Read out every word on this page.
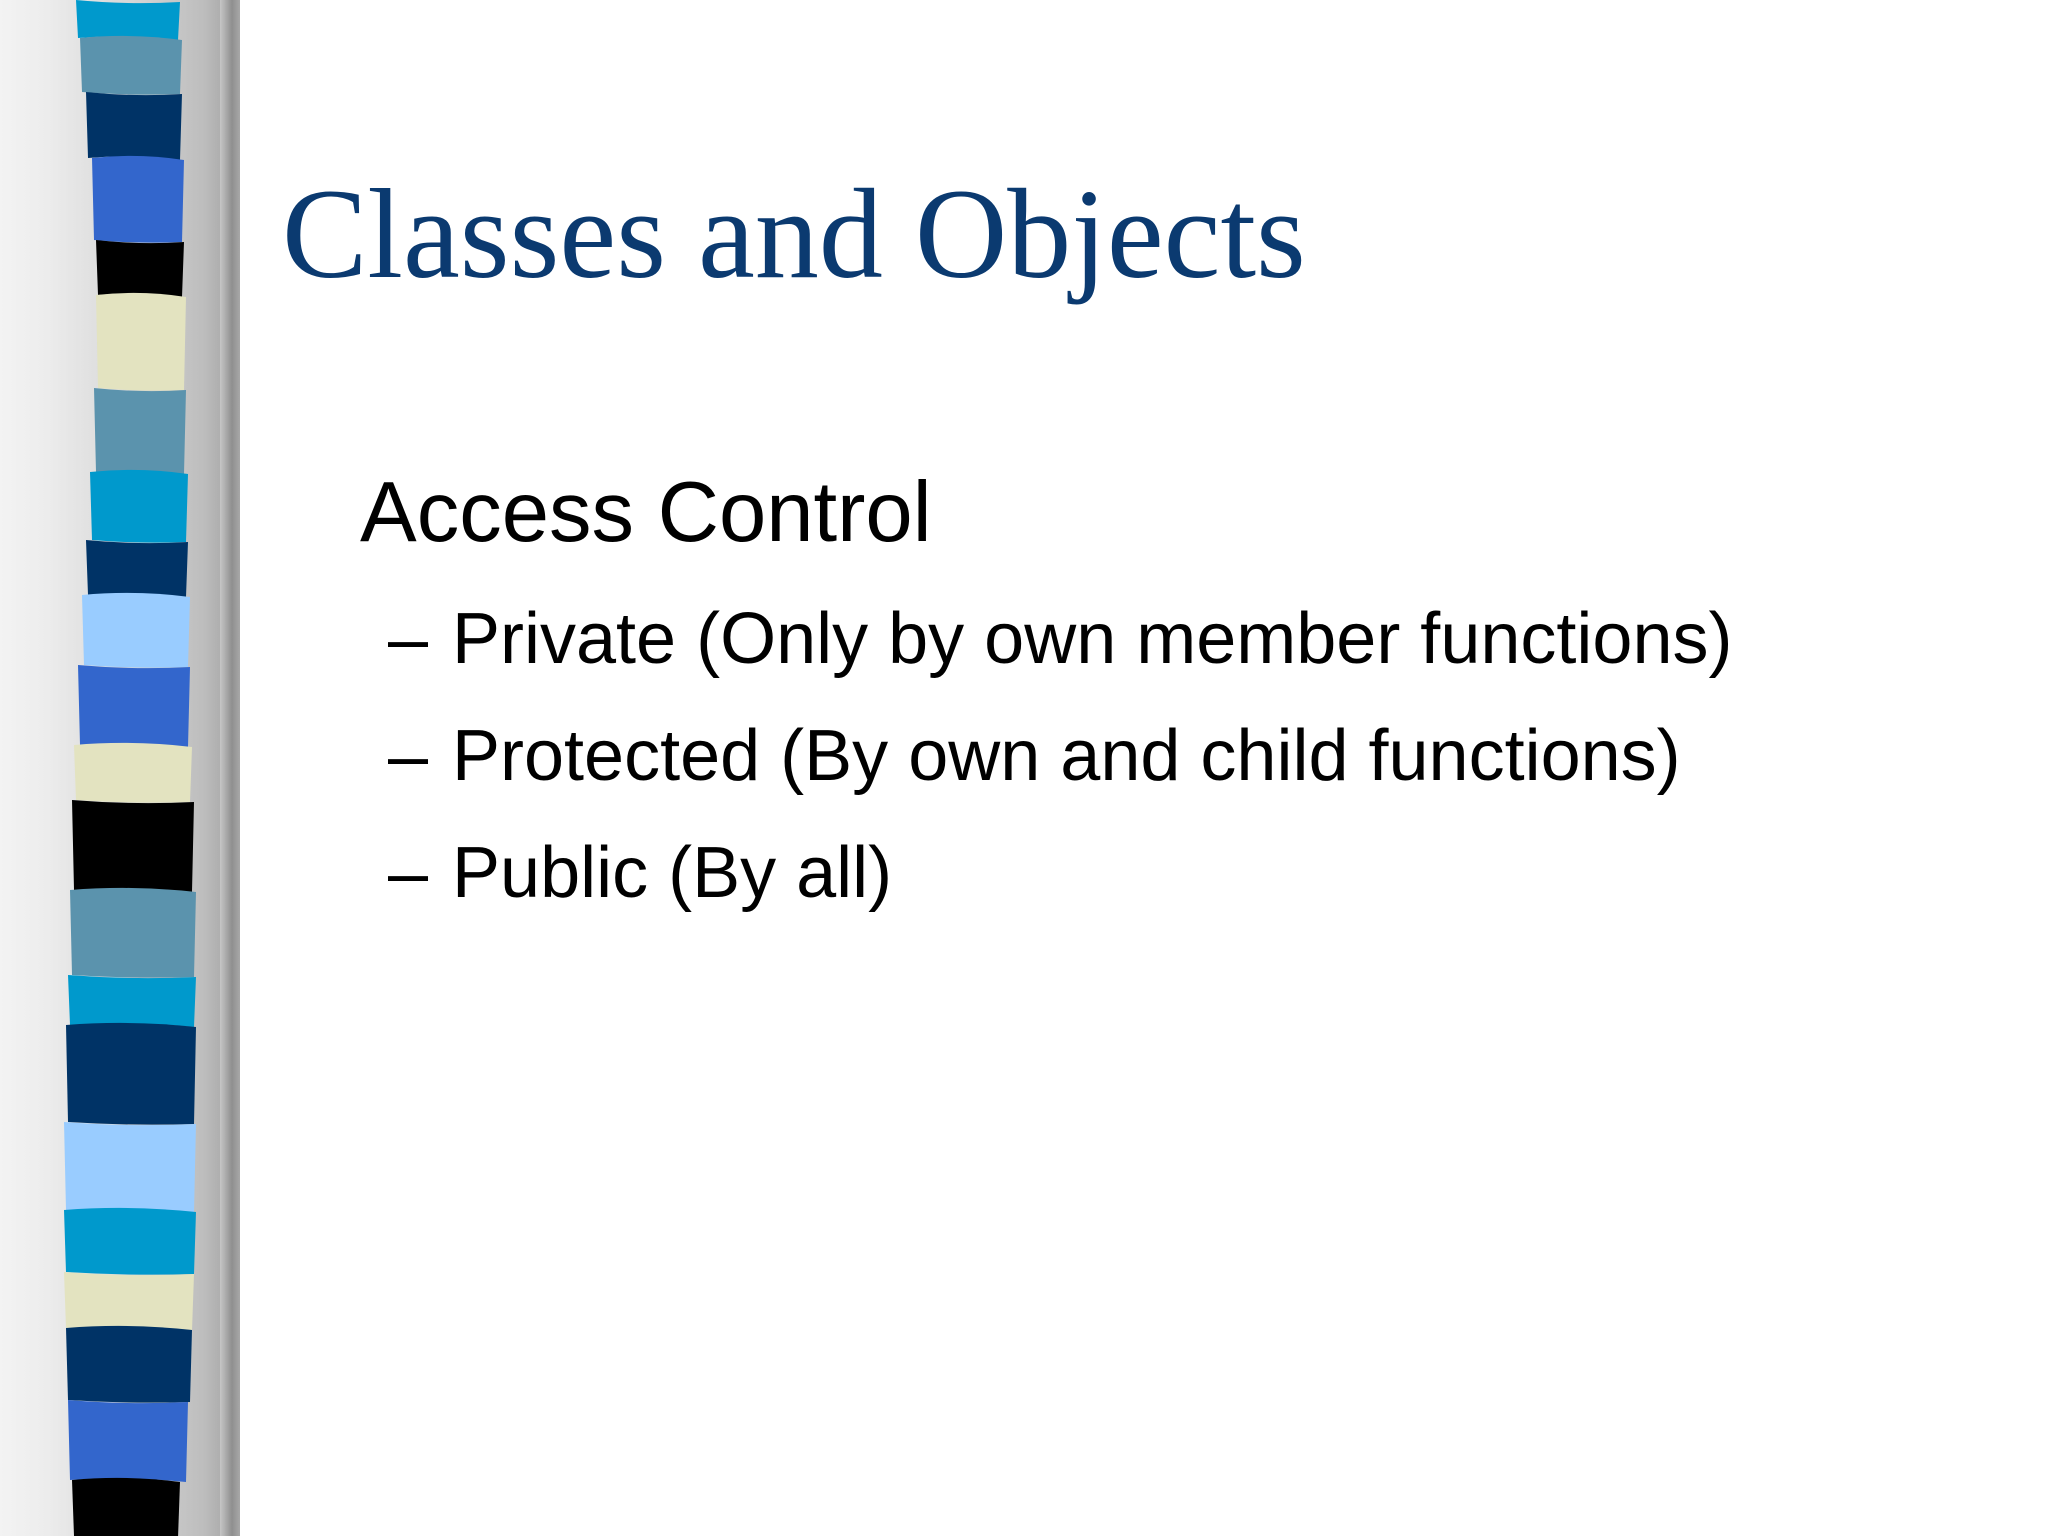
Classes and Objects
Access Control
– Private (Only by own member functions)
– Protected (By own and child functions)
– Public (By all)
